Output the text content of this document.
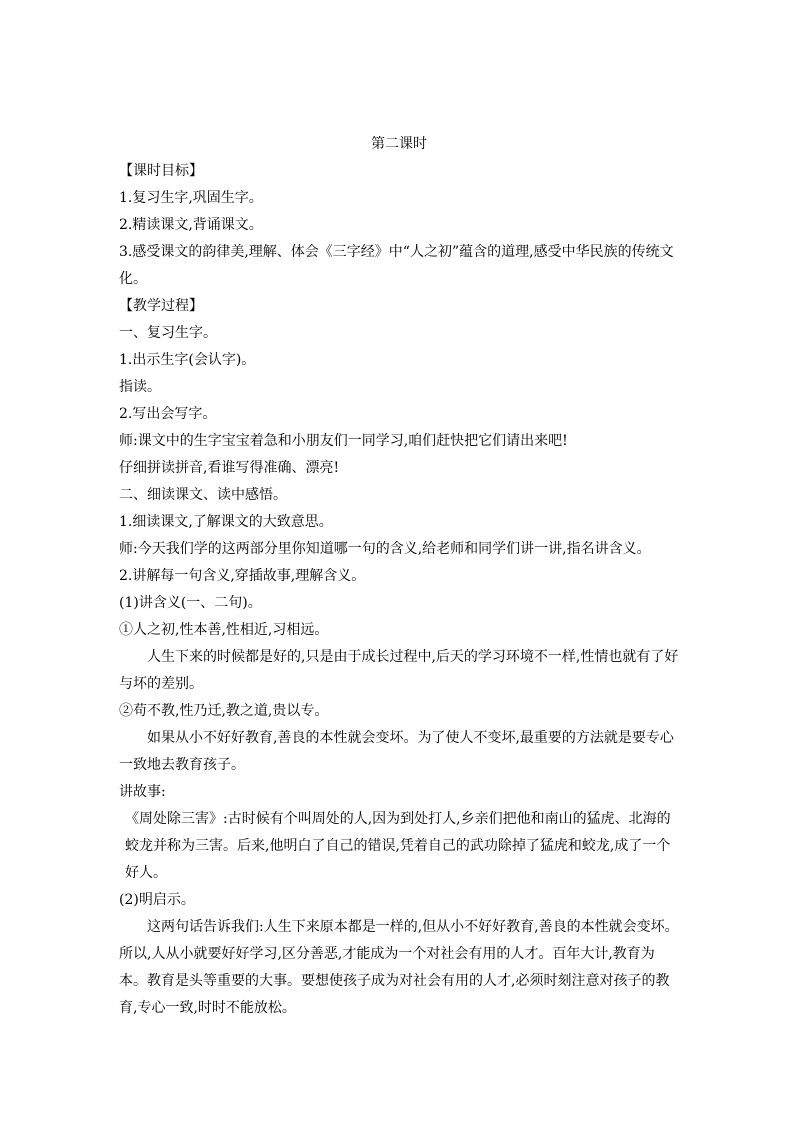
第二课时
【课时目标】
1.复习生字,巩固生字。
2.精读课文,背诵课文。
3.感受课文的韵律美,理解、体会《三字经》中“人之初”蕴含的道理,感受中华民族的传统文化。
【教学过程】
一、复习生字。
1.出示生字(会认字)。
指读。
2.写出会写字。
师:课文中的生字宝宝着急和小朋友们一同学习,咱们赶快把它们请出来吧!
仔细拼读拼音,看谁写得准确、漂亮!
二、细读课文、读中感悟。
1.细读课文,了解课文的大致意思。
师:今天我们学的这两部分里你知道哪一句的含义,给老师和同学们讲一讲,指名讲含义。
2.讲解每一句含义,穿插故事,理解含义。
(1)讲含义(一、二句)。
①人之初,性本善,性相近,习相远。
人生下来的时候都是好的,只是由于成长过程中,后天的学习环境不一样,性情也就有了好与坏的差别。
②苟不教,性乃迁,教之道,贵以专。
如果从小不好好教育,善良的本性就会变坏。为了使人不变坏,最重要的方法就是要专心一致地去教育孩子。
讲故事:
《周处除三害》:古时候有个叫周处的人,因为到处打人,乡亲们把他和南山的猛虎、北海的蛟龙并称为三害。后来,他明白了自己的错误,凭着自己的武功除掉了猛虎和蛟龙,成了一个好人。
(2)明启示。
这两句话告诉我们:人生下来原本都是一样的,但从小不好好教育,善良的本性就会变坏。所以,人从小就要好好学习,区分善恶,才能成为一个对社会有用的人才。百年大计,教育为本。教育是头等重要的大事。要想使孩子成为对社会有用的人才,必须时刻注意对孩子的教育,专心一致,时时不能放松。
